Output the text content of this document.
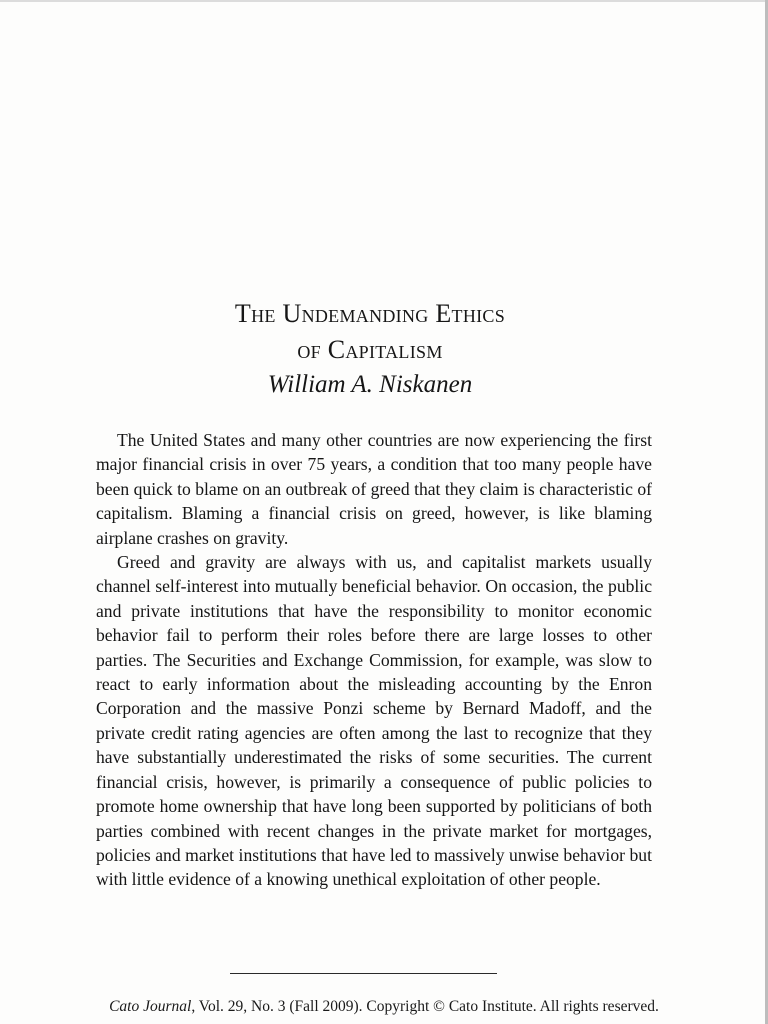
The Undemanding Ethics
of Capitalism
William A. Niskanen

The United States and many other countries are now experiencing the first major financial crisis in over 75 years, a condition that too many people have been quick to blame on an outbreak of greed that they claim is characteristic of capitalism. Blaming a financial crisis on greed, however, is like blaming airplane crashes on gravity.

Greed and gravity are always with us, and capitalist markets usually channel self-interest into mutually beneficial behavior. On occasion, the public and private institutions that have the responsibility to monitor economic behavior fail to perform their roles before there are large losses to other parties. The Securities and Exchange Commission, for example, was slow to react to early information about the misleading accounting by the Enron Corporation and the massive Ponzi scheme by Bernard Madoff, and the private credit rating agencies are often among the last to recognize that they have substantially underestimated the risks of some securities. The current financial crisis, however, is primarily a consequence of public policies to promote home ownership that have long been supported by politicians of both parties combined with recent changes in the private market for mortgages, policies and market institutions that have led to massively unwise behavior but with little evidence of a knowing unethical exploitation of other people.

Cato Journal, Vol. 29, No. 3 (Fall 2009). Copyright © Cato Institute. All rights reserved.
